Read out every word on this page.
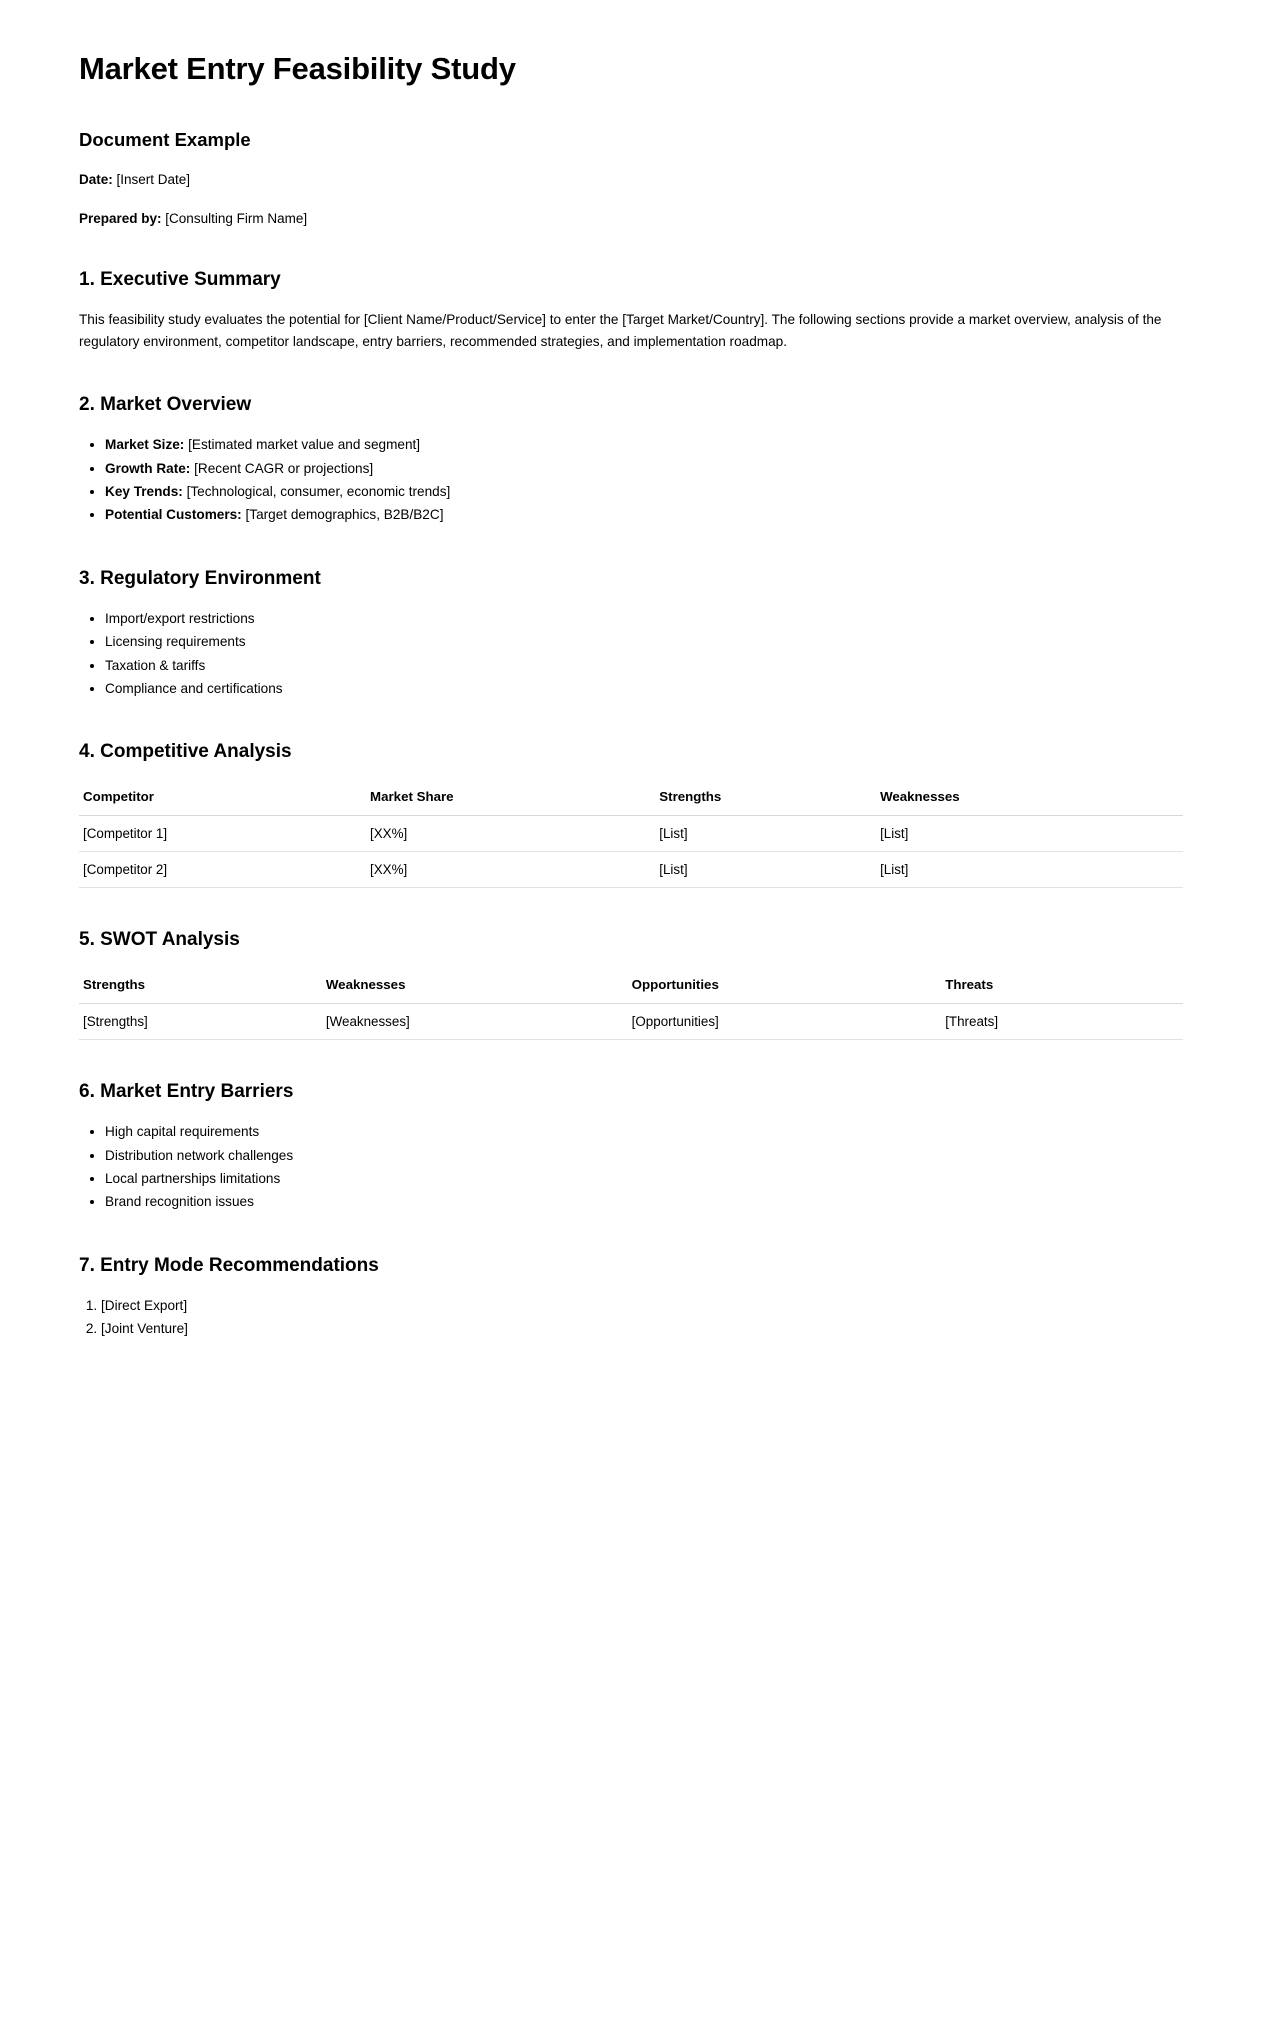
Market Entry Feasibility Study
Document Example

Date: [Insert Date]

Prepared by: [Consulting Firm Name]

1. Executive Summary

This feasibility study evaluates the potential for [Client Name/Product/Service] to enter the [Target Market/Country]. The following sections provide a market overview, analysis of the regulatory environment, competitor landscape, entry barriers, recommended strategies, and implementation roadmap.

2. Market Overview
• Market Size: [Estimated market value and segment]
• Growth Rate: [Recent CAGR or projections]
• Key Trends: [Technological, consumer, economic trends]
• Potential Customers: [Target demographics, B2B/B2C]
3. Regulatory Environment
• Import/export restrictions
• Licensing requirements
• Taxation & tariffs
• Compliance and certifications
4. Competitive Analysis
Competitor	Market Share	Strengths	Weaknesses
[Competitor 1]	[XX%]	[List]	[List]
[Competitor 2]	[XX%]	[List]	[List]
5. SWOT Analysis
Strengths	Weaknesses	Opportunities	Threats
[Strengths]	[Weaknesses]	[Opportunities]	[Threats]
6. Market Entry Barriers
• High capital requirements
• Distribution network challenges
• Local partnerships limitations
• Brand recognition issues
7. Entry Mode Recommendations
1. [Direct Export]
2. [Joint Venture]
